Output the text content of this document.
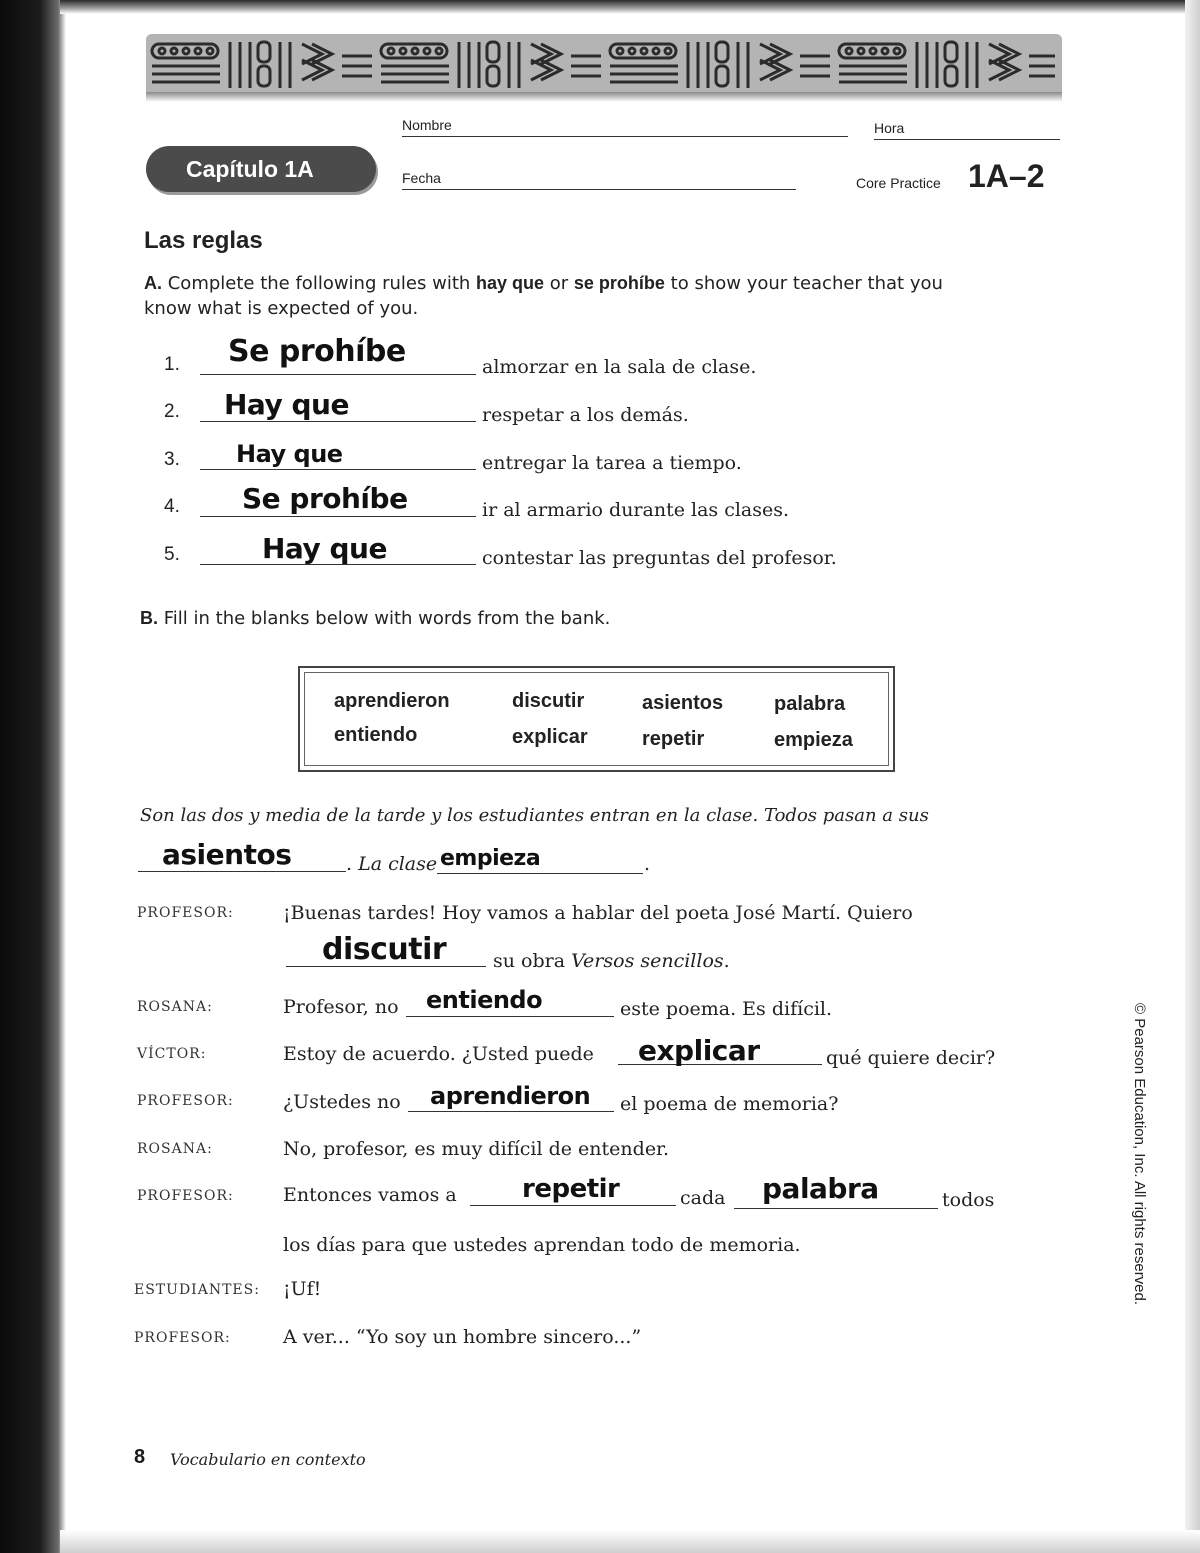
Capítulo 1A
Nombre	Hora
Fecha	Core Practice 1A–2
Las reglas
A. Complete the following rules with hay que or se prohíbe to show your teacher that you
know what is expected of you.
1. Se prohíbe	almorzar en la sala de clase.
2. Hay que	respetar a los demás.
3. Hay que	entregar la tarea a tiempo.
4. Se prohíbe	ir al armario durante las clases.
5.	Hay que	contestar las preguntas del profesor.
B. Fill in the blanks below with words from the bank.
aprendieron	discutir	asientos	palabra
entiendo	explicar	repetir	empieza
Son las dos y media de la tarde y los estudiantes entran en la clase. Todos pasan a sus
asientos	. La clase empieza	.
PROFESOR:	¡Buenas tardes! Hoy vamos a hablar del poeta José Martí. Quiero
discutir su obra Versos sencillos.
ROSANA:	Profesor, no entiendo	este poema. Es difícil.
VÍCTOR:	Estoy de acuerdo. ¿Usted puede explicar	qué quiere decir?
PROFESOR:	¿Ustedes no aprendieron el poema de memoria?
ROSANA:	No, profesor, es muy difícil de entender.
PROFESOR:	Entonces vamos a	repetir	cada palabra	todos
los días para que ustedes aprendan todo de memoria.
ESTUDIANTES: ¡Uf!
PROFESOR:	A ver... “Yo soy un hombre sincero...”
8 Vocabulario en contexto
© Pearson Education, Inc. All rights reserved.
